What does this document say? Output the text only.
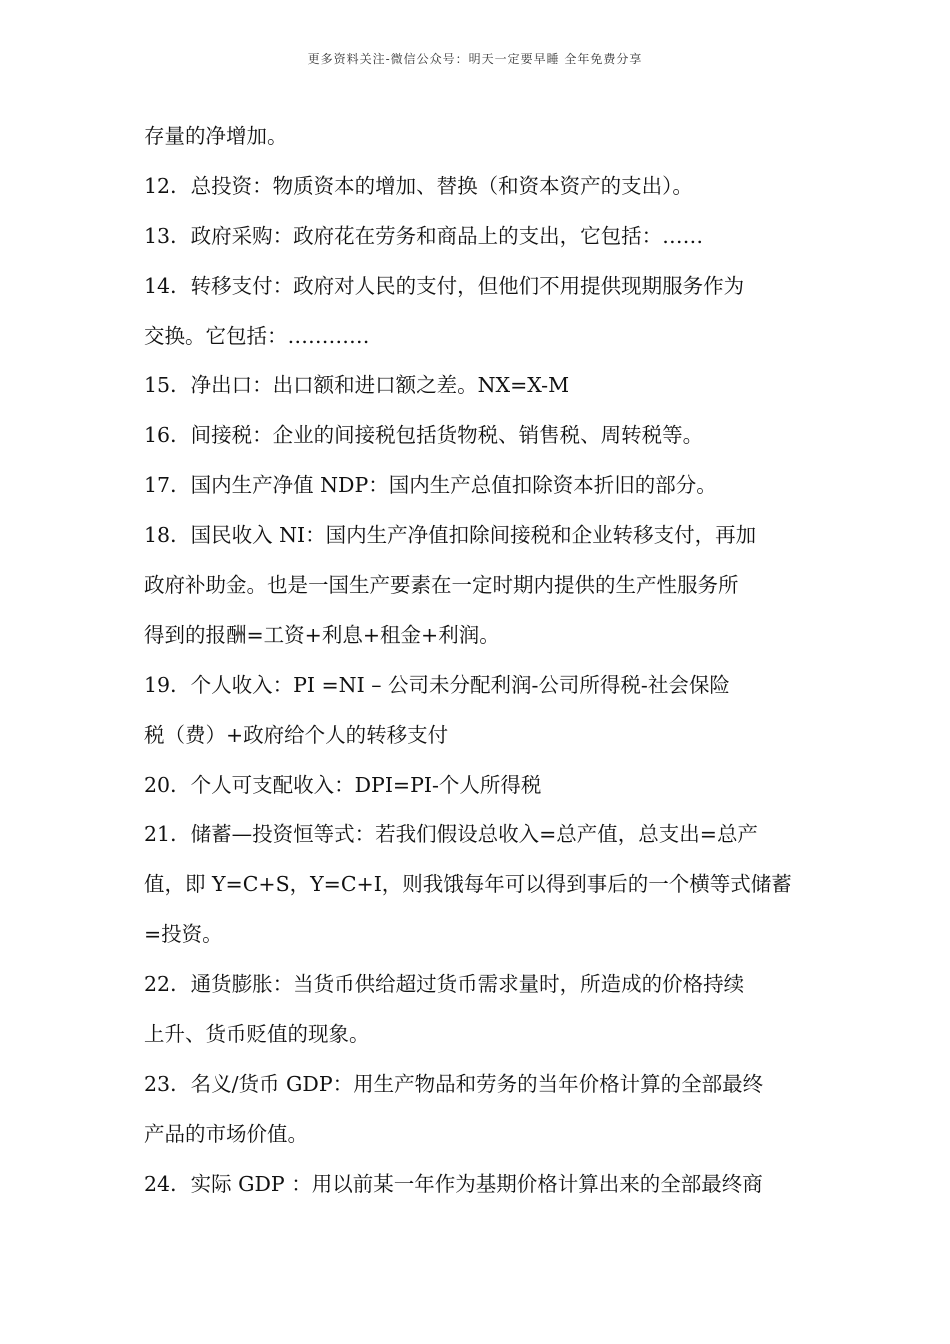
更多资料关注-微信公众号：明天一定要早睡 全年免费分享
存量的净增加。
12．总投资：物质资本的增加、替换（和资本资产的支出）。
13．政府采购：政府花在劳务和商品上的支出，它包括：……
14．转移支付：政府对人民的支付，但他们不用提供现期服务作为
交换。它包括：…………
15．净出口：出口额和进口额之差。NX=X-M
16．间接税：企业的间接税包括货物税、销售税、周转税等。
17．国内生产净值 NDP：国内生产总值扣除资本折旧的部分。
18．国民收入 NI：国内生产净值扣除间接税和企业转移支付，再加
政府补助金。也是一国生产要素在一定时期内提供的生产性服务所
得到的报酬=工资+利息+租金+利润。
19．个人收入：PI =NI – 公司未分配利润-公司所得税-社会保险
税（费）+政府给个人的转移支付
20．个人可支配收入：DPI=PI-个人所得税
21．储蓄—投资恒等式：若我们假设总收入=总产值，总支出=总产
值，即 Y=C+S，Y=C+I，则我饿每年可以得到事后的一个横等式储蓄
=投资。
22．通货膨胀：当货币供给超过货币需求量时，所造成的价格持续
上升、货币贬值的现象。
23．名义/货币 GDP：用生产物品和劳务的当年价格计算的全部最终
产品的市场价值。
24．实际 GDP ：用以前某一年作为基期价格计算出来的全部最终商
